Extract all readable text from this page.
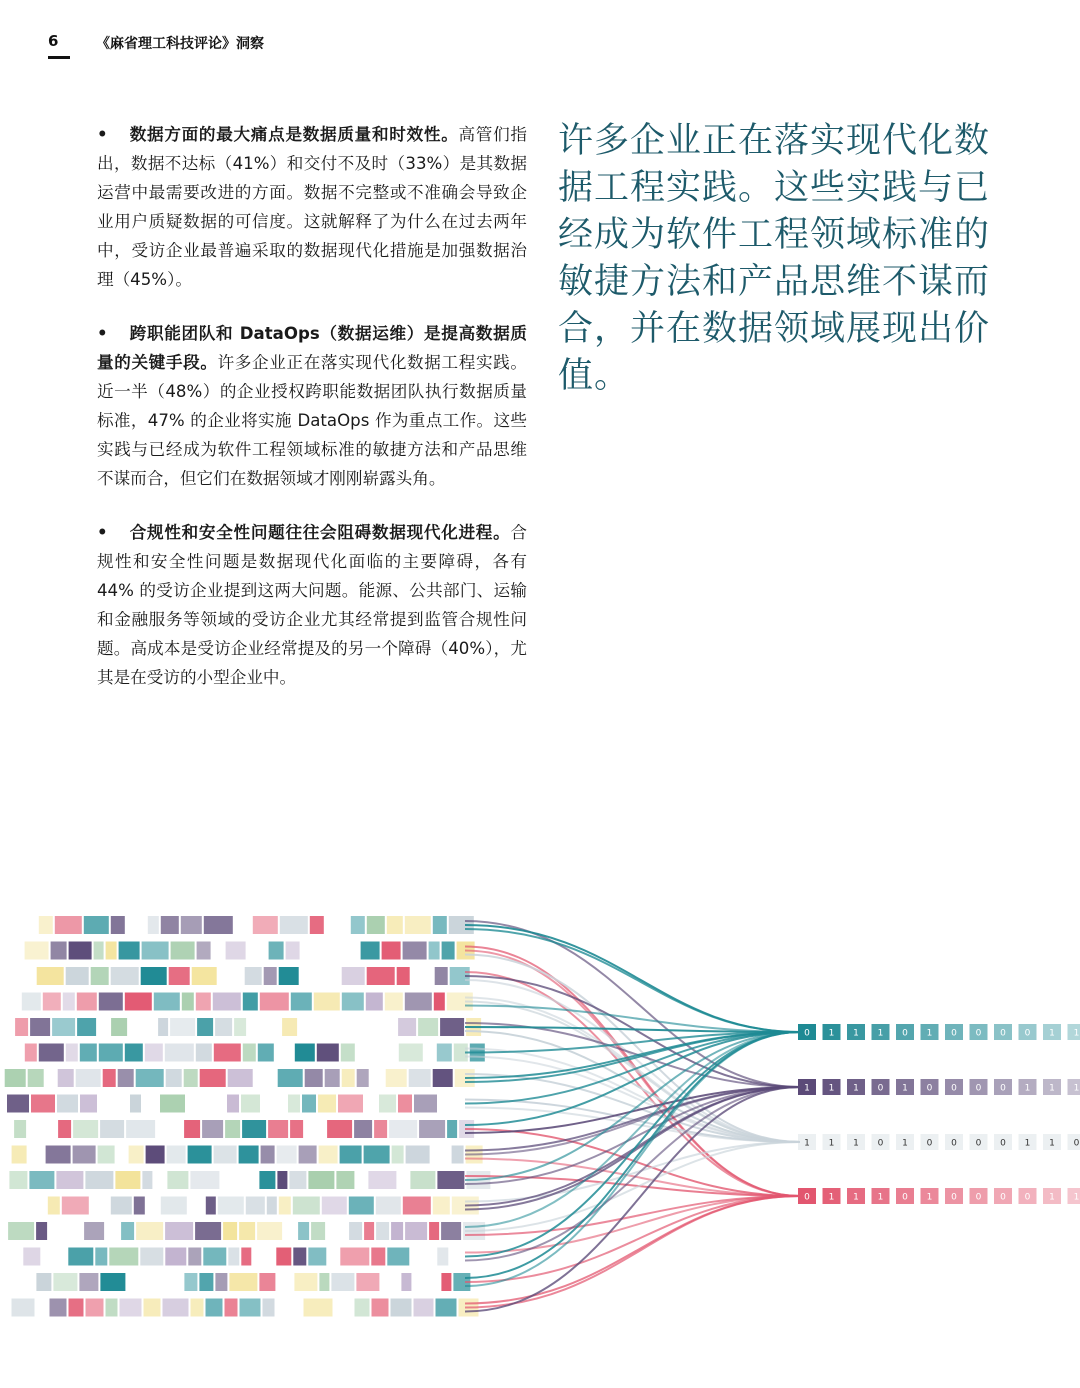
6	《麻省理工科技评论》洞察

• 数据方面的最大痛点是数据质量和时效性。高管们指出，数据不达标（41%）和交付不及时（33%）是其数据运营中最需要改进的方面。数据不完整或不准确会导致企业用户质疑数据的可信度。这就解释了为什么在过去两年中，受访企业最普遍采取的数据现代化措施是加强数据治理（45%）。

• 跨职能团队和 DataOps（数据运维）是提高数据质量的关键手段。许多企业正在落实现代化数据工程实践。近一半（48%）的企业授权跨职能数据团队执行数据质量标准，47% 的企业将实施 DataOps 作为重点工作。这些实践与已经成为软件工程领域标准的敏捷方法和产品思维不谋而合，但它们在数据领域才刚刚崭露头角。

• 合规性和安全性问题往往会阻碍数据现代化进程。合规性和安全性问题是数据现代化面临的主要障碍，各有 44% 的受访企业提到这两大问题。能源、公共部门、运输和金融服务等领域的受访企业尤其经常提到监管合规性问题。高成本是受访企业经常提及的另一个障碍（40%），尤其是在受访的小型企业中。

许多企业正在落实现代化数据工程实践。这些实践与已经成为软件工程领域标准的敏捷方法和产品思维不谋而合，并在数据领域展现出价值。
0 1 1 1 0 1 0 0 0 0 1 1
1 1 1 0 1 0 0 0 0 1 1 1
1 1 1 0 1 0 0 0 0 1 1 0
0 1 1 1 0 1 0 0 0 0 1 1
